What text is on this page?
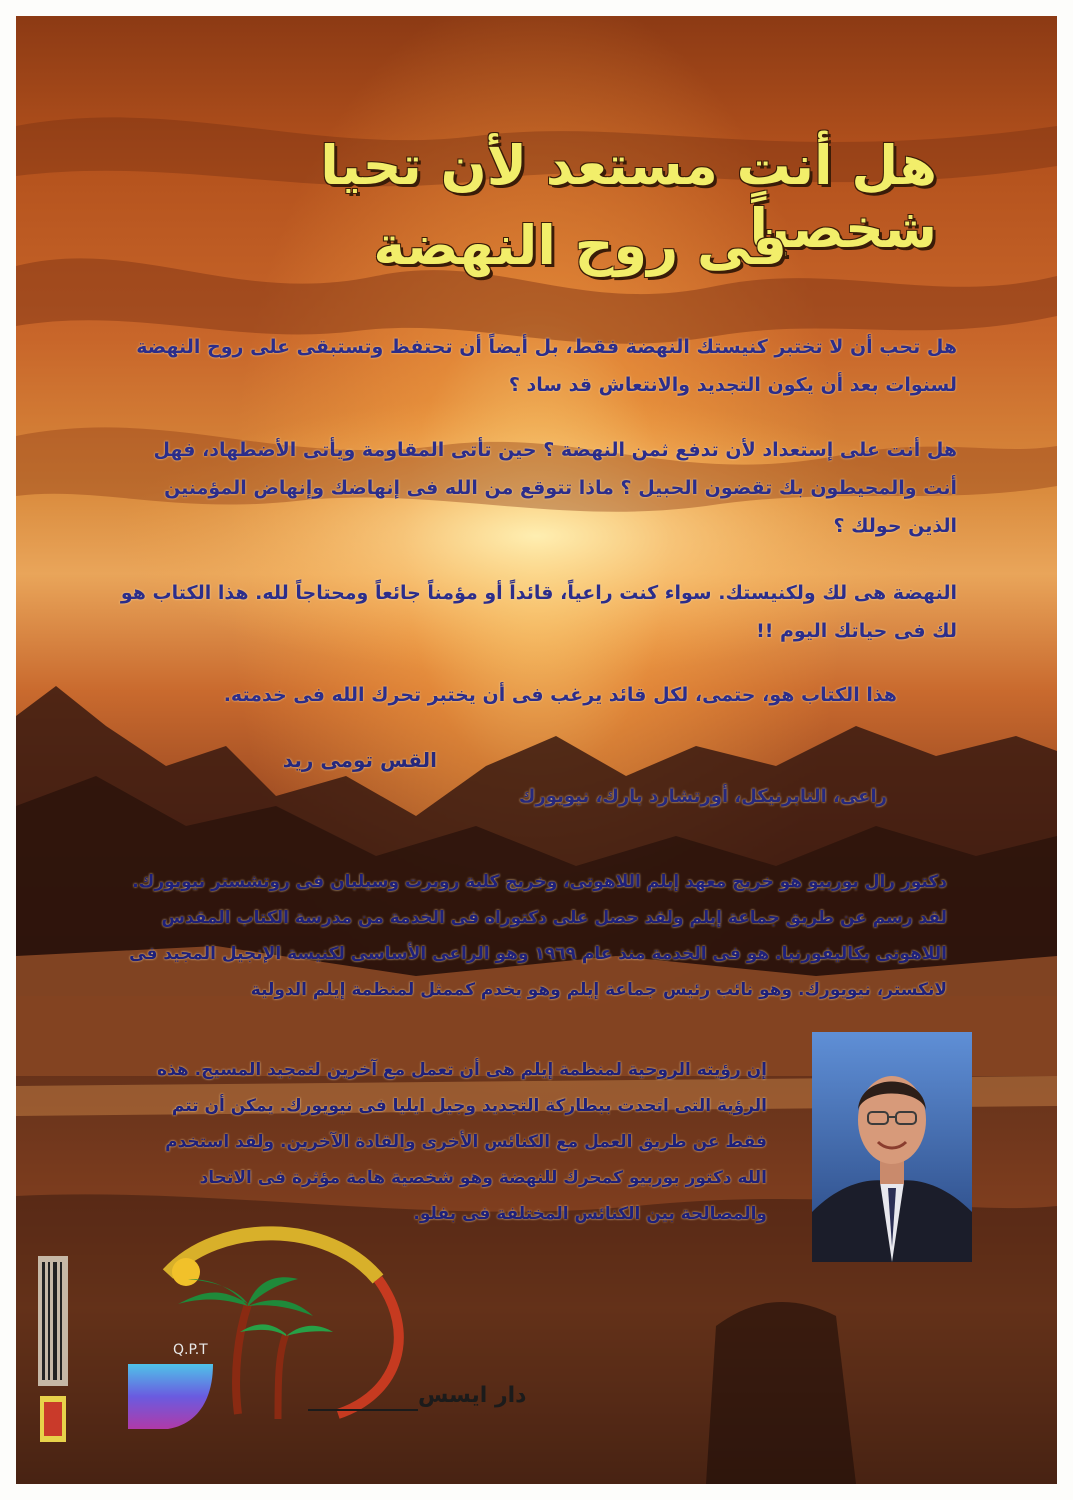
هل أنت مستعد لأن تحيا شخصياً
فى روح النهضة
هل تحب أن لا تختبر كنيستك النهضة فقط، بل أيضاً أن تحتفظ وتستبقى على روح النهضة لسنوات بعد أن يكون التجديد والانتعاش قد ساد ؟
هل أنت على إستعداد لأن تدفع ثمن النهضة ؟ حين تأتى المقاومة ويأتى الأضطهاد، فهل أنت والمحيطون بك تقضون الحبيل ؟ ماذا تتوقع من الله فى إنهاضك وإنهاض المؤمنين الذين حولك ؟
النهضة هى لك ولكنيستك. سواء كنت راعياً، قائداً أو مؤمناً جائعاً ومحتاجاً لله. هذا الكتاب هو لك فى حياتك اليوم !!
هذا الكتاب هو، حتمى، لكل قائد يرغب فى أن يختبر تحرك الله فى خدمته.
القس تومى ريد
راعى، التابرنيكل، أورتشارد بارك، نيويورك
دكتور رال بوربيو هو خريج معهد إيلم اللاهوتى، وخريج كلية روبرت وسيلبان فى روتشستر نيويورك. لقد رسم عن طريق جماعة إيلم ولقد حصل على دكتوراه فى الخدمة من مدرسة الكتاب المقدس اللاهوتى بكاليفورنيا. هو فى الخدمة منذ عام ١٩٦٩ وهو الراعى الأساسى لكنيسة الإنجيل المجيد فى لانكستر، نيويورك. وهو نائب رئيس جماعة إيلم وهو يخدم كممثل لمنظمة إيلم الدولية
إن رؤيته الروحية لمنظمة إيلم هى أن تعمل مع آخرين لتمجيد المسيح. هذه الرؤية التى اتحدت ببطاركة التجديد وجيل ايليا فى نيويورك. يمكن أن تتم فقط عن طريق العمل مع الكنائس الأخرى والقادة الآخرين. ولقد استخدم الله دكتور بوربيو كمحرك للنهضة وهو شخصية هامة مؤثرة فى الاتحاد والمصالحة بين الكنائس المختلفة فى بفلو.
Q.P.T
دار ايسس
